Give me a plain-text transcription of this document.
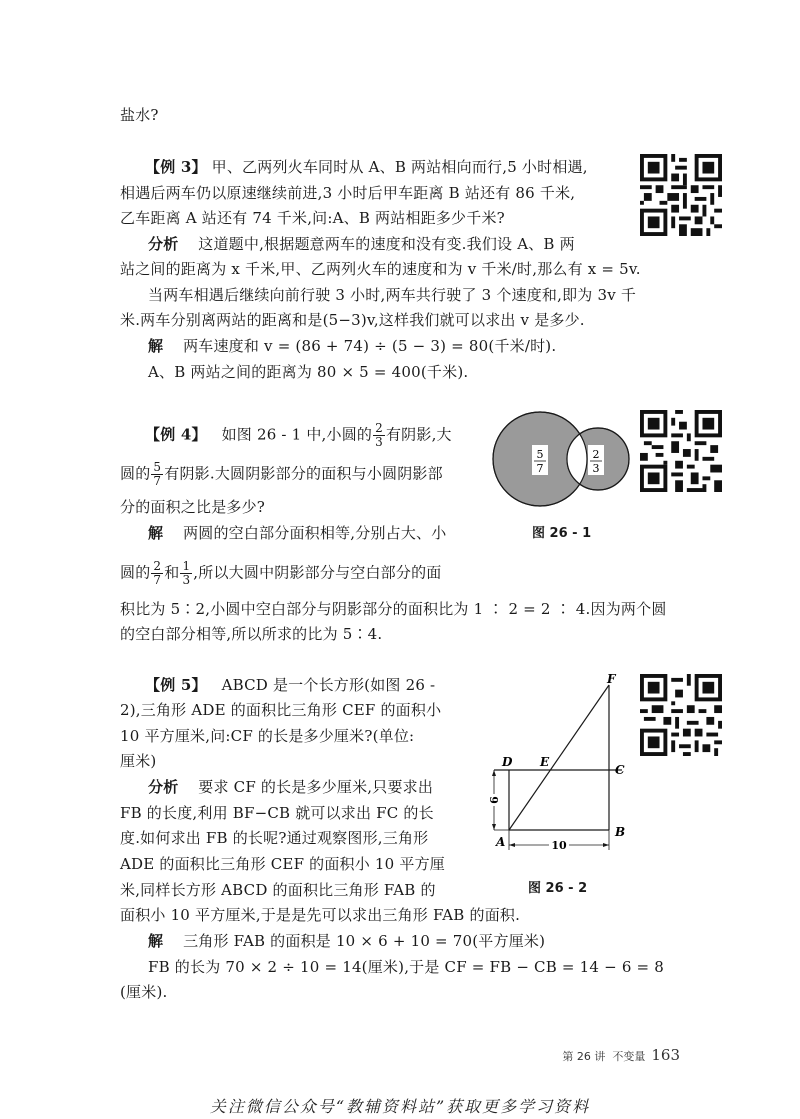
盐水?
【例 3】 甲、乙两列火车同时从 A、B 两站相向而行,5 小时相遇,
相遇后两车仍以原速继续前进,3 小时后甲车距离 B 站还有 86 千米,
乙车距离 A 站还有 74 千米,问:A、B 两站相距多少千米?
分析 这道题中,根据题意两车的速度和没有变.我们设 A、B 两
站之间的距离为 x 千米,甲、乙两列火车的速度和为 v 千米/时,那么有 x = 5v.
当两车相遇后继续向前行驶 3 小时,两车共行驶了 3 个速度和,即为 3v 千
米.两车分别离两站的距离和是(5−3)v,这样我们就可以求出 v 是多少.
解 两车速度和 v = (86 + 74) ÷ (5 − 3) = 80(千米/时).
A、B 两站之间的距离为 80 × 5 = 400(千米).
【例 4】 如图 26 - 1 中,小圆的 $\frac{2}{3}$ 有阴影,大
圆的 $\frac{5}{7}$ 有阴影.大圆阴影部分的面积与小圆阴影部
分的面积之比是多少?
解 两圆的空白部分面积相等,分别占大、小
圆的 $\frac{2}{7}$ 和 $\frac{1}{3}$ ,所以大圆中阴影部分与空白部分的面
积比为 5∶2,小圆中空白部分与阴影部分的面积比为 1 ∶ 2 = 2 ∶ 4.因为两个圆
的空白部分相等,所以所求的比为 5∶4.
5
7
2
3
图 26 - 1
【例 5】 ABCD 是一个长方形(如图 26 -
2),三角形 ADE 的面积比三角形 CEF 的面积小
10 平方厘米,问:CF 的长是多少厘米?(单位:
厘米)
分析 要求 CF 的长是多少厘米,只要求出
FB 的长度,利用 BF−CB 就可以求出 FC 的长
度.如何求出 FB 的长呢?通过观察图形,三角形
ADE 的面积比三角形 CEF 的面积小 10 平方厘
米,同样长方形 ABCD 的面积比三角形 FAB 的
面积小 10 平方厘米,于是是先可以求出三角形 FAB 的面积.
解 三角形 FAB 的面积是 10 × 6 + 10 = 70(平方厘米)
FB 的长为 70 × 2 ÷ 10 = 14(厘米),于是 CF = FB − CB = 14 − 6 = 8
(厘米).
6
10
F
D E
C
A
B
图 26 - 2
第 26 讲 不变量 163
关注微信公众号“教辅资料站”获取更多学习资料
